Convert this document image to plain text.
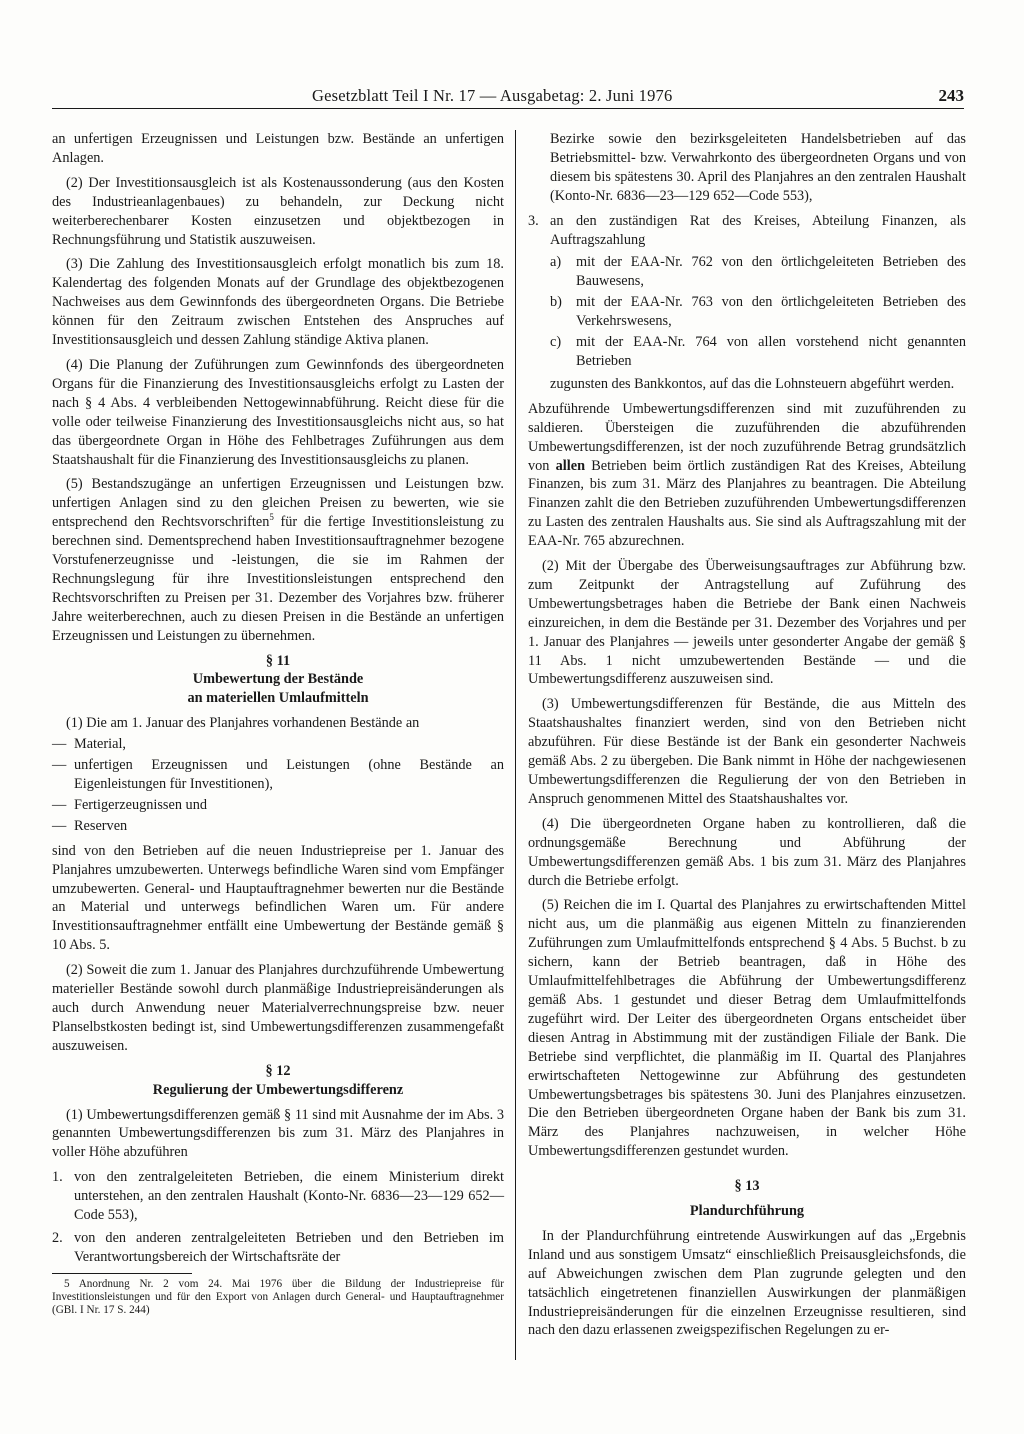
Gesetzblatt Teil I Nr. 17 — Ausgabetag: 2. Juni 1976	243

an unfertigen Erzeugnissen und Leistungen bzw. Bestände an unfertigen Anlagen.

(2) Der Investitionsausgleich ist als Kostenaussonderung (aus den Kosten des Industrieanlagenbaues) zu behandeln, zur Deckung nicht weiterberechenbarer Kosten einzusetzen und objektbezogen in Rechnungsführung und Statistik auszuweisen.

(3) Die Zahlung des Investitionsausgleich erfolgt monatlich bis zum 18. Kalendertag des folgenden Monats auf der Grundlage des objektbezogenen Nachweises aus dem Gewinnfonds des übergeordneten Organs. Die Betriebe können für den Zeitraum zwischen Entstehen des Anspruches auf Investitionsausgleich und dessen Zahlung ständige Aktiva planen.

(4) Die Planung der Zuführungen zum Gewinnfonds des übergeordneten Organs für die Finanzierung des Investitionsausgleichs erfolgt zu Lasten der nach § 4 Abs. 4 verbleibenden Nettogewinnabführung. Reicht diese für die volle oder teilweise Finanzierung des Investitionsausgleichs nicht aus, so hat das übergeordnete Organ in Höhe des Fehlbetrages Zuführungen aus dem Staatshaushalt für die Finanzierung des Investitionsausgleichs zu planen.

(5) Bestandszugänge an unfertigen Erzeugnissen und Leistungen bzw. unfertigen Anlagen sind zu den gleichen Preisen zu bewerten, wie sie entsprechend den Rechtsvorschriften$^5$ für die fertige Investitionsleistung zu berechnen sind. Dementsprechend haben Investitionsauftragnehmer bezogene Vorstufenerzeugnisse und -leistungen, die sie im Rahmen der Rechnungslegung für ihre Investitionsleistungen entsprechend den Rechtsvorschriften zu Preisen per 31. Dezember des Vorjahres bzw. früherer Jahre weiterberechnen, auch zu diesen Preisen in die Bestände an unfertigen Erzeugnissen und Leistungen zu übernehmen.

§ 11

Umbewertung der Bestände

an materiellen Umlaufmitteln

(1) Die am 1. Januar des Planjahres vorhandenen Bestände an

— Material,
— unfertigen Erzeugnissen und Leistungen (ohne Bestände an Eigenleistungen für Investitionen),
— Fertigerzeugnissen und
— Reserven

sind von den Betrieben auf die neuen Industriepreise per 1. Januar des Planjahres umzubewerten. Unterwegs befindliche Waren sind vom Empfänger umzubewerten. General- und Hauptauftragnehmer bewerten nur die Bestände an Material und unterwegs befindlichen Waren um. Für andere Investitionsauftragnehmer entfällt eine Umbewertung der Bestände gemäß § 10 Abs. 5.

(2) Soweit die zum 1. Januar des Planjahres durchzuführende Umbewertung materieller Bestände sowohl durch planmäßige Industriepreisänderungen als auch durch Anwendung neuer Materialverrechnungspreise bzw. neuer Planselbstkosten bedingt ist, sind Umbewertungsdifferenzen zusammengefaßt auszuweisen.

§ 12

Regulierung der Umbewertungsdifferenz

(1) Umbewertungsdifferenzen gemäß § 11 sind mit Ausnahme der im Abs. 3 genannten Umbewertungsdifferenzen bis zum 31. März des Planjahres in voller Höhe abzuführen

1. von den zentralgeleiteten Betrieben, die einem Ministerium direkt unterstehen, an den zentralen Haushalt (Konto-Nr. 6836—23—129 652—Code 553),
2. von den anderen zentralgeleiteten Betrieben und den Betrieben im Verantwortungsbereich der Wirtschaftsräte der

5 Anordnung Nr. 2 vom 24. Mai 1976 über die Bildung der Industriepreise für Investitionsleistungen und für den Export von Anlagen durch General- und Hauptauftragnehmer (GBl. I Nr. 17 S. 244)

Bezirke sowie den bezirksgeleiteten Handelsbetrieben auf das Betriebsmittel- bzw. Verwahrkonto des übergeordneten Organs und von diesem bis spätestens 30. April des Planjahres an den zentralen Haushalt (Konto-Nr. 6836—23—129 652—Code 553),

3. an den zuständigen Rat des Kreises, Abteilung Finanzen, als Auftragszahlung
a)	mit der EAA-Nr. 762 von den örtlichgeleiteten Betrieben des Bauwesens,
b) mit der EAA-Nr. 763 von den örtlichgeleiteten Betrieben des Verkehrswesens,
c)	mit der EAA-Nr. 764 von allen vorstehend nicht genannten Betrieben

zugunsten des Bankkontos, auf das die Lohnsteuern abgeführt werden.

Abzuführende Umbewertungsdifferenzen sind mit zuzuführenden zu saldieren. Übersteigen die zuzuführenden die abzuführenden Umbewertungsdifferenzen, ist der noch zuzuführende Betrag grundsätzlich von allen Betrieben beim örtlich zuständigen Rat des Kreises, Abteilung Finanzen, bis zum 31. März des Planjahres zu beantragen. Die Abteilung Finanzen zahlt die den Betrieben zuzuführenden Umbewertungsdifferenzen zu Lasten des zentralen Haushalts aus. Sie sind als Auftragszahlung mit der EAA-Nr. 765 abzurechnen.

(2) Mit der Übergabe des Überweisungsauftrages zur Abführung bzw. zum Zeitpunkt der Antragstellung auf Zuführung des Umbewertungsbetrages haben die Betriebe der Bank einen Nachweis einzureichen, in dem die Bestände per 31. Dezember des Vorjahres und per 1. Januar des Planjahres — jeweils unter gesonderter Angabe der gemäß § 11 Abs. 1 nicht umzubewertenden Bestände — und die Umbewertungsdifferenz auszuweisen sind.

(3) Umbewertungsdifferenzen für Bestände, die aus Mitteln des Staatshaushaltes finanziert werden, sind von den Betrieben nicht abzuführen. Für diese Bestände ist der Bank ein gesonderter Nachweis gemäß Abs. 2 zu übergeben. Die Bank nimmt in Höhe der nachgewiesenen Umbewertungsdifferenzen die Regulierung der von den Betrieben in Anspruch genommenen Mittel des Staatshaushaltes vor.

(4) Die übergeordneten Organe haben zu kontrollieren, daß die ordnungsgemäße Berechnung und Abführung der Umbewertungsdifferenzen gemäß Abs. 1 bis zum 31. März des Planjahres durch die Betriebe erfolgt.

(5) Reichen die im I. Quartal des Planjahres zu erwirtschaftenden Mittel nicht aus, um die planmäßig aus eigenen Mitteln zu finanzierenden Zuführungen zum Umlaufmittelfonds entsprechend § 4 Abs. 5 Buchst. b zu sichern, kann der Betrieb beantragen, daß in Höhe des Umlaufmittelfehlbetrages die Abführung der Umbewertungsdifferenz gemäß Abs. 1 gestundet und dieser Betrag dem Umlaufmittelfonds zugeführt wird. Der Leiter des übergeordneten Organs entscheidet über diesen Antrag in Abstimmung mit der zuständigen Filiale der Bank. Die Betriebe sind verpflichtet, die planmäßig im II. Quartal des Planjahres erwirtschafteten Nettogewinne zur Abführung des gestundeten Umbewertungsbetrages bis spätestens 30. Juni des Planjahres einzusetzen. Die den Betrieben übergeordneten Organe haben der Bank bis zum 31. März des Planjahres nachzuweisen, in welcher Höhe Umbewertungsdifferenzen gestundet wurden.

§ 13

Plandurchführung

In der Plandurchführung eintretende Auswirkungen auf das „Ergebnis Inland und aus sonstigem Umsatz“ einschließlich Preisausgleichsfonds, die auf Abweichungen zwischen dem Plan zugrunde gelegten und den tatsächlich eingetretenen finanziellen Auswirkungen der planmäßigen Industriepreisänderungen für die einzelnen Erzeugnisse resultieren, sind nach den dazu erlassenen zweigspezifischen Regelungen zu er-
